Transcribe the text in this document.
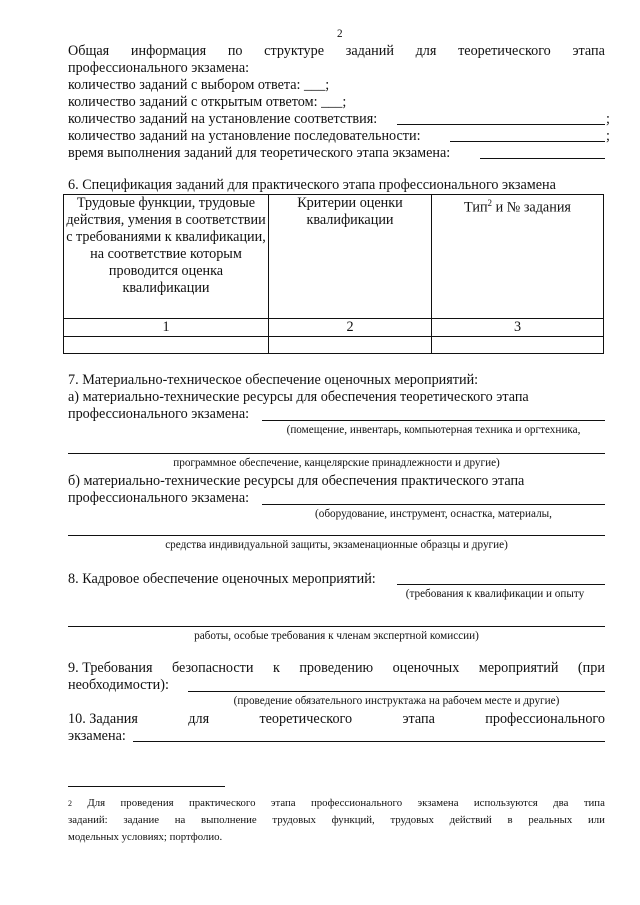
2
Общая информация по структуре заданий для теоретического этапа
профессионального экзамена:
количество заданий с выбором ответа: ___;
количество заданий с открытым ответом: ___;
количество заданий на установление соответствия:	;
количество заданий на установление последовательности:	;
время выполнения заданий для теоретического этапа экзамена:
6. Спецификация заданий для практического этапа профессионального экзамена
Трудовые функции, трудовые действия, умения в соответствии с требованиями к квалификации, на соответствие которым проводится оценка квалификации	Критерии оценки квалификации	Тип$^2$ и № задания
1	2	3

7. Материально-техническое обеспечение оценочных мероприятий:
а) материально-технические ресурсы для обеспечения теоретического этапа
профессионального экзамена:
(помещение, инвентарь, компьютерная техника и оргтехника,
программное обеспечение, канцелярские принадлежности и другие)
б) материально-технические ресурсы для обеспечения практического этапа
профессионального экзамена:
(оборудование, инструмент, оснастка, материалы,
средства индивидуальной защиты, экзаменационные образцы и другие)
8. Кадровое обеспечение оценочных мероприятий:
(требования к квалификации и опыту
работы, особые требования к членам экспертной комиссии)
9. Требования безопасности к проведению оценочных мероприятий (при
необходимости):
(проведение обязательного инструктажа на рабочем месте и другие)
10. Задания	для	теоретического	этапа	профессионального
экзамена:
$^2$ Для проведения практического этапа профессионального экзамена используются два типа
заданий: задание на выполнение трудовых функций, трудовых действий в реальных или
модельных условиях; портфолио.
